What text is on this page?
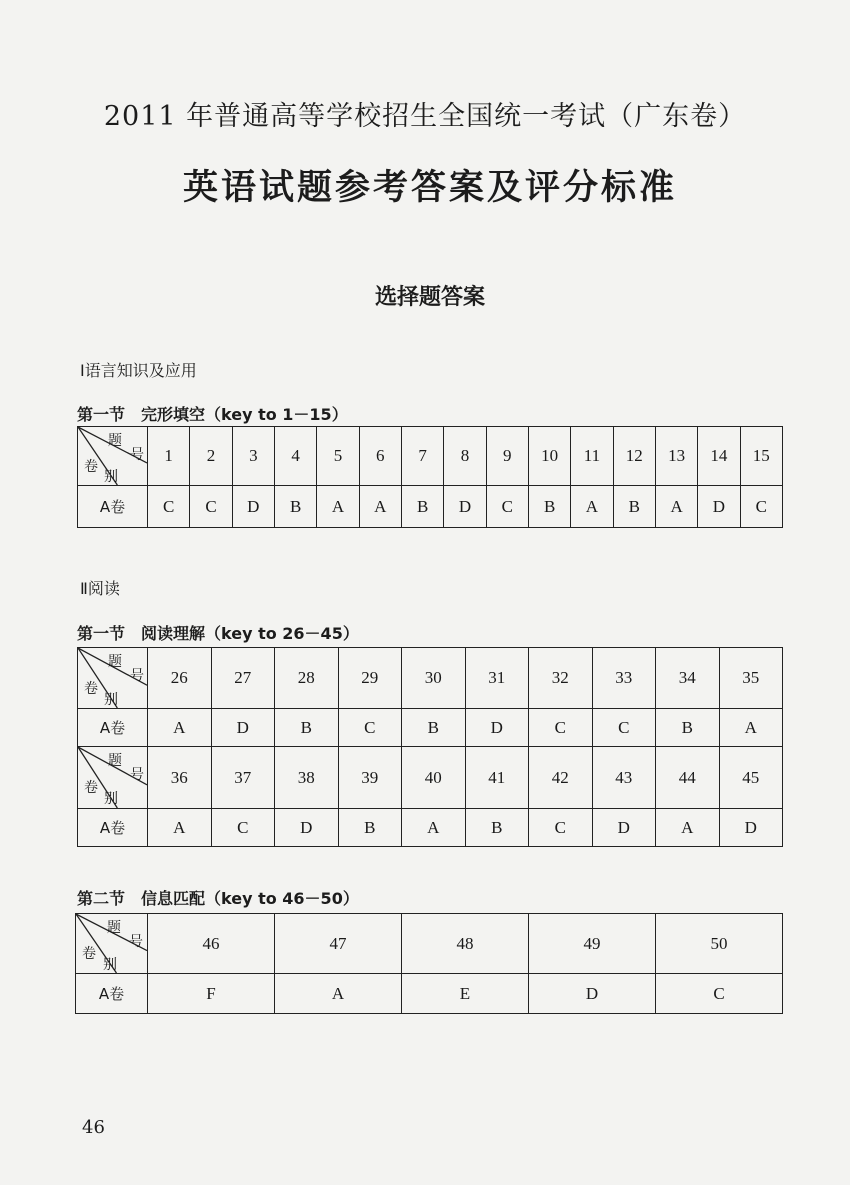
2011 年普通高等学校招生全国统一考试（广东卷）
英语试题参考答案及评分标准
选择题答案
Ⅰ语言知识及应用
第一节 完形填空（key to 1－15）
题
号
卷
别	1	2	3	4	5	6	7	8	9	10	11	12	13	14	15
A卷	C	C	D	B	A	A	B	D	C	B	A	B	A	D	C
Ⅱ阅读
第一节 阅读理解（key to 26－45）
题
号
卷
别	26	27	28	29	30	31	32	33	34	35
A卷	A	D	B	C	B	D	C	C	B	A

题
号
卷
别	36	37	38	39	40	41	42	43	44	45
A卷	A	C	D	B	A	B	C	D	A	D
第二节 信息匹配（key to 46－50）
题
号
卷
别	46	47	48	49	50
A卷	F	A	E	D	C
46
